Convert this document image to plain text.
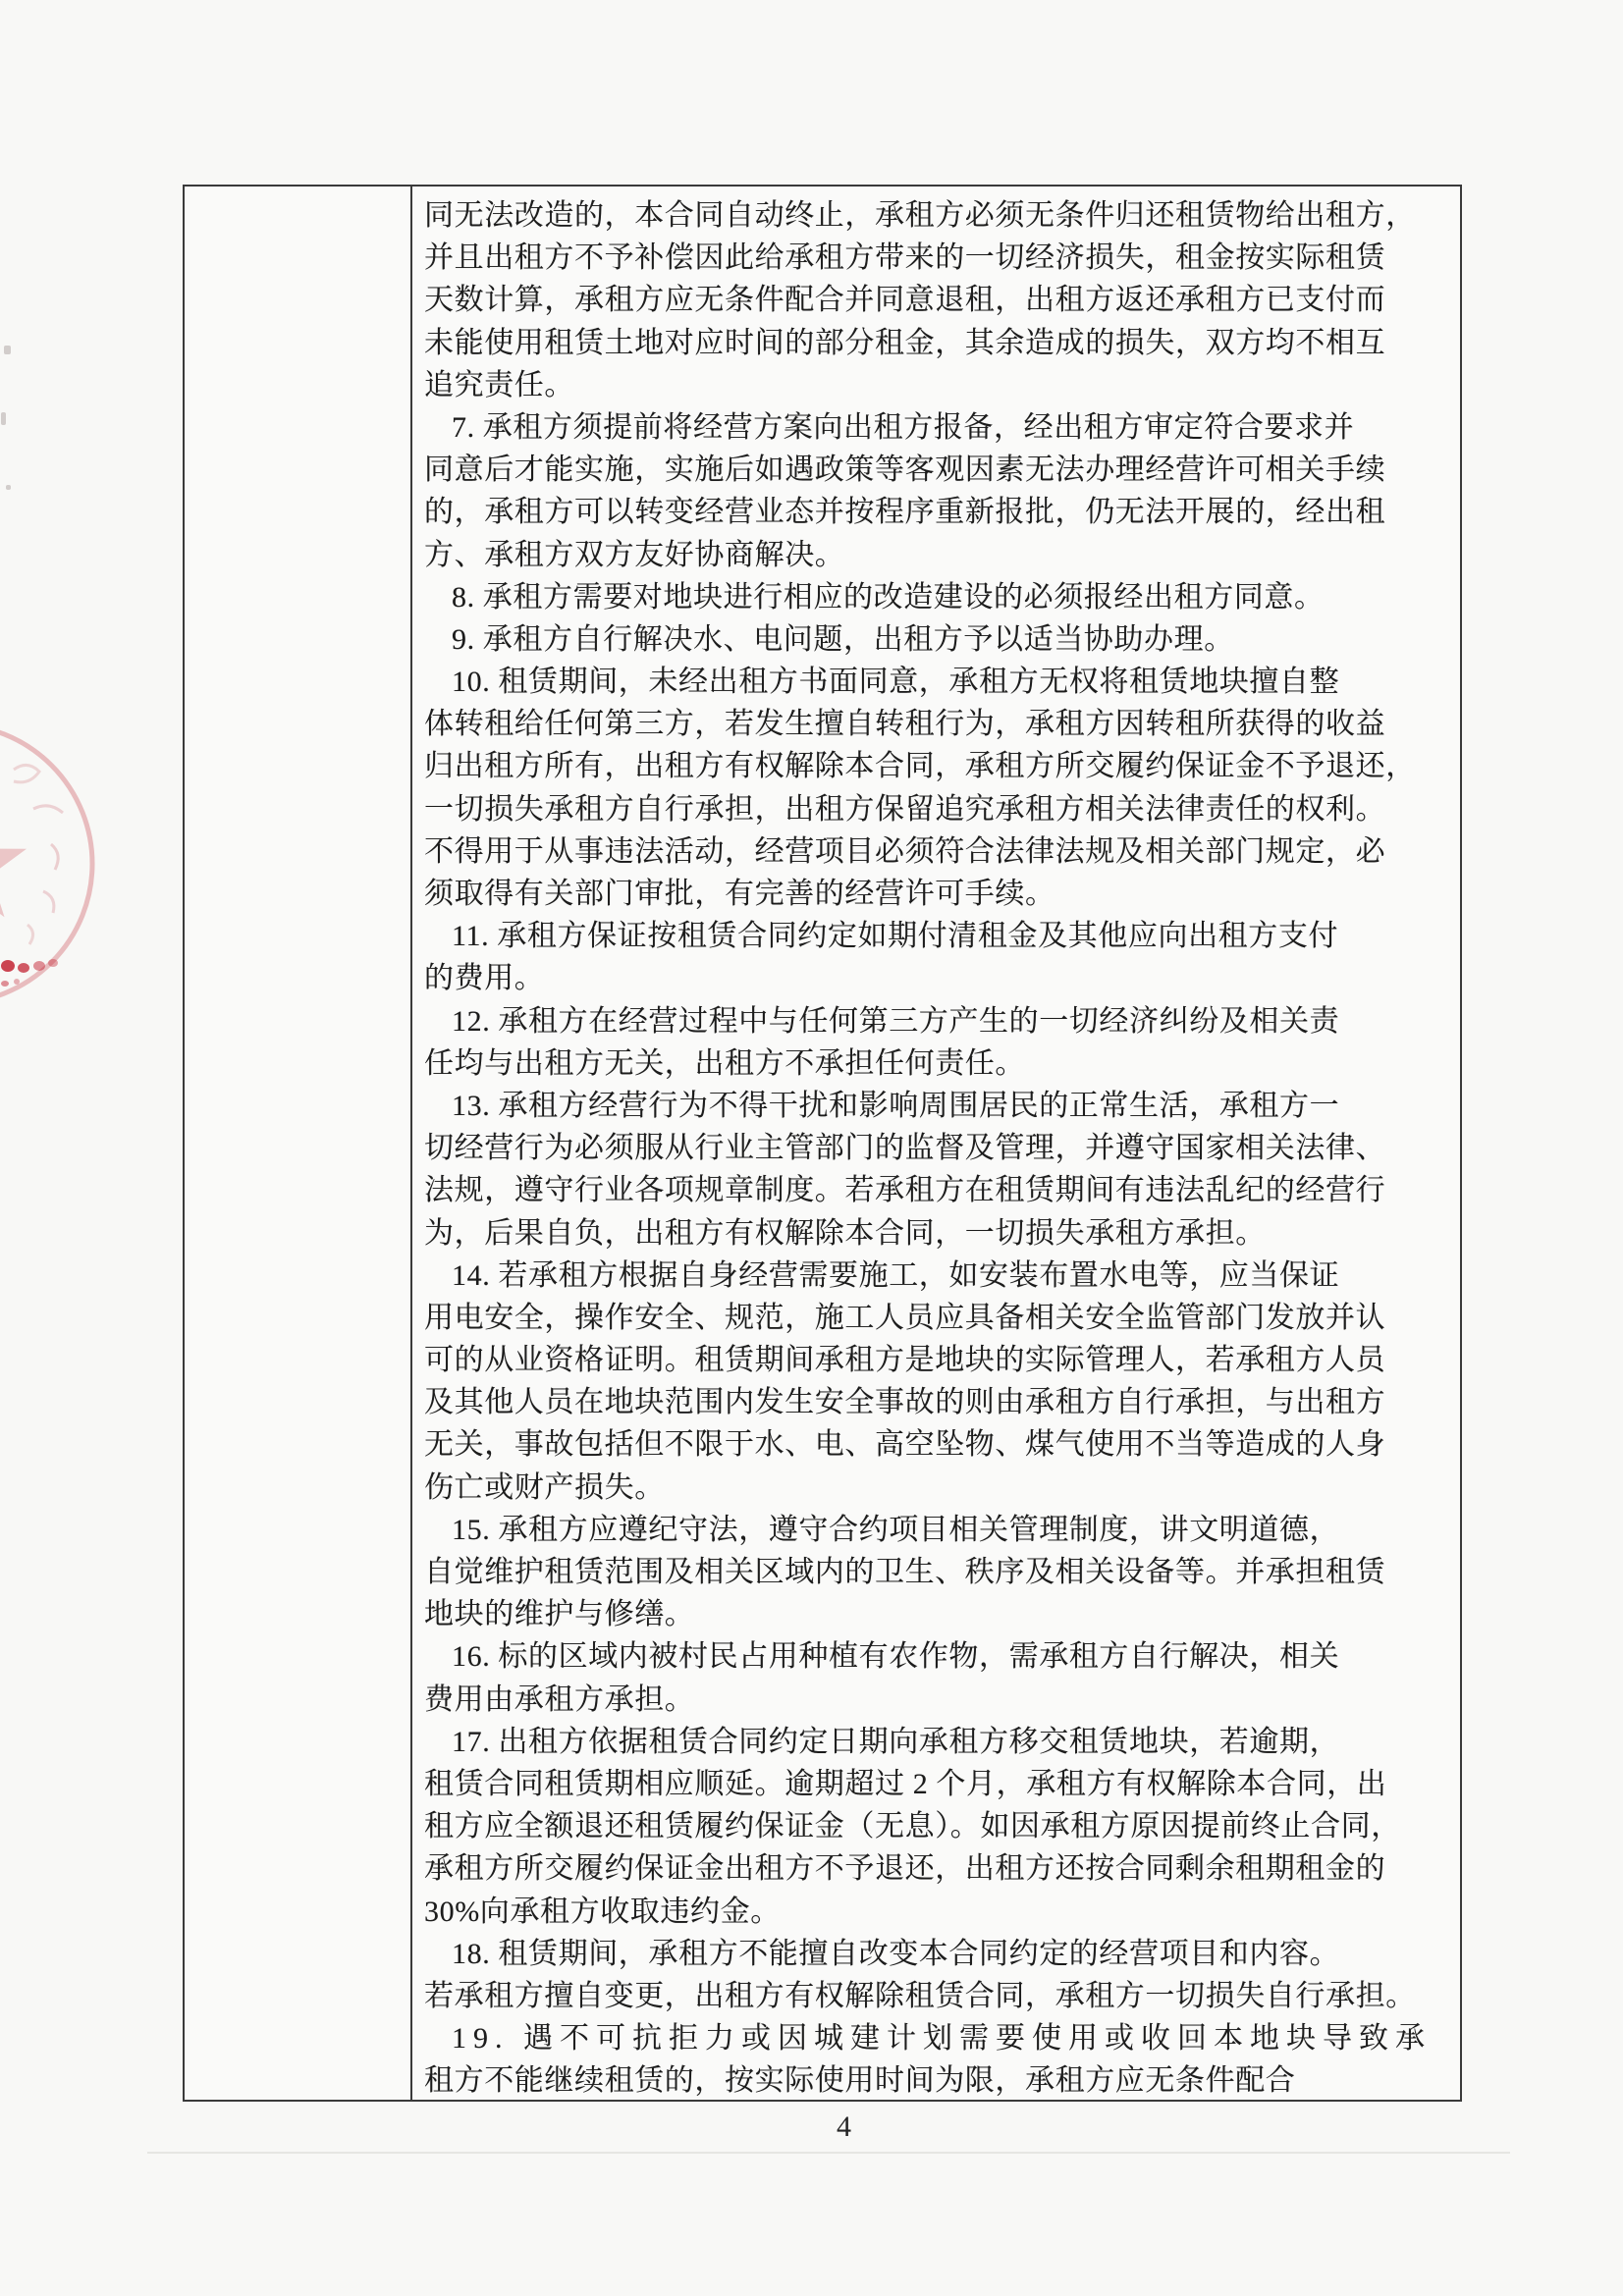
同无法改造的，本合同自动终止，承租方必须无条件归还租赁物给出租方，
并且出租方不予补偿因此给承租方带来的一切经济损失，租金按实际租赁
天数计算，承租方应无条件配合并同意退租，出租方返还承租方已支付而
未能使用租赁土地对应时间的部分租金，其余造成的损失，双方均不相互
追究责任。
7. 承租方须提前将经营方案向出租方报备，经出租方审定符合要求并
同意后才能实施，实施后如遇政策等客观因素无法办理经营许可相关手续
的，承租方可以转变经营业态并按程序重新报批，仍无法开展的，经出租
方、承租方双方友好协商解决。
8. 承租方需要对地块进行相应的改造建设的必须报经出租方同意。
9. 承租方自行解决水、电问题，出租方予以适当协助办理。
10. 租赁期间，未经出租方书面同意，承租方无权将租赁地块擅自整
体转租给任何第三方，若发生擅自转租行为，承租方因转租所获得的收益
归出租方所有，出租方有权解除本合同，承租方所交履约保证金不予退还，
一切损失承租方自行承担，出租方保留追究承租方相关法律责任的权利。
不得用于从事违法活动，经营项目必须符合法律法规及相关部门规定，必
须取得有关部门审批，有完善的经营许可手续。
11. 承租方保证按租赁合同约定如期付清租金及其他应向出租方支付
的费用。
12. 承租方在经营过程中与任何第三方产生的一切经济纠纷及相关责
任均与出租方无关，出租方不承担任何责任。
13. 承租方经营行为不得干扰和影响周围居民的正常生活，承租方一
切经营行为必须服从行业主管部门的监督及管理，并遵守国家相关法律、
法规，遵守行业各项规章制度。若承租方在租赁期间有违法乱纪的经营行
为，后果自负，出租方有权解除本合同，一切损失承租方承担。
14. 若承租方根据自身经营需要施工，如安装布置水电等，应当保证
用电安全，操作安全、规范，施工人员应具备相关安全监管部门发放并认
可的从业资格证明。租赁期间承租方是地块的实际管理人，若承租方人员
及其他人员在地块范围内发生安全事故的则由承租方自行承担，与出租方
无关，事故包括但不限于水、电、高空坠物、煤气使用不当等造成的人身
伤亡或财产损失。
15. 承租方应遵纪守法，遵守合约项目相关管理制度，讲文明道德，
自觉维护租赁范围及相关区域内的卫生、秩序及相关设备等。并承担租赁
地块的维护与修缮。
16. 标的区域内被村民占用种植有农作物，需承租方自行解决，相关
费用由承租方承担。
17. 出租方依据租赁合同约定日期向承租方移交租赁地块，若逾期，
租赁合同租赁期相应顺延。逾期超过 2 个月，承租方有权解除本合同，出
租方应全额退还租赁履约保证金（无息）。如因承租方原因提前终止合同，
承租方所交履约保证金出租方不予退还，出租方还按合同剩余租期租金的
30%向承租方收取违约金。
18. 租赁期间，承租方不能擅自改变本合同约定的经营项目和内容。
若承租方擅自变更，出租方有权解除租赁合同，承租方一切损失自行承担。
19. 遇不可抗拒力或因城建计划需要使用或收回本地块导致承
租方不能继续租赁的，按实际使用时间为限，承租方应无条件配合
4
